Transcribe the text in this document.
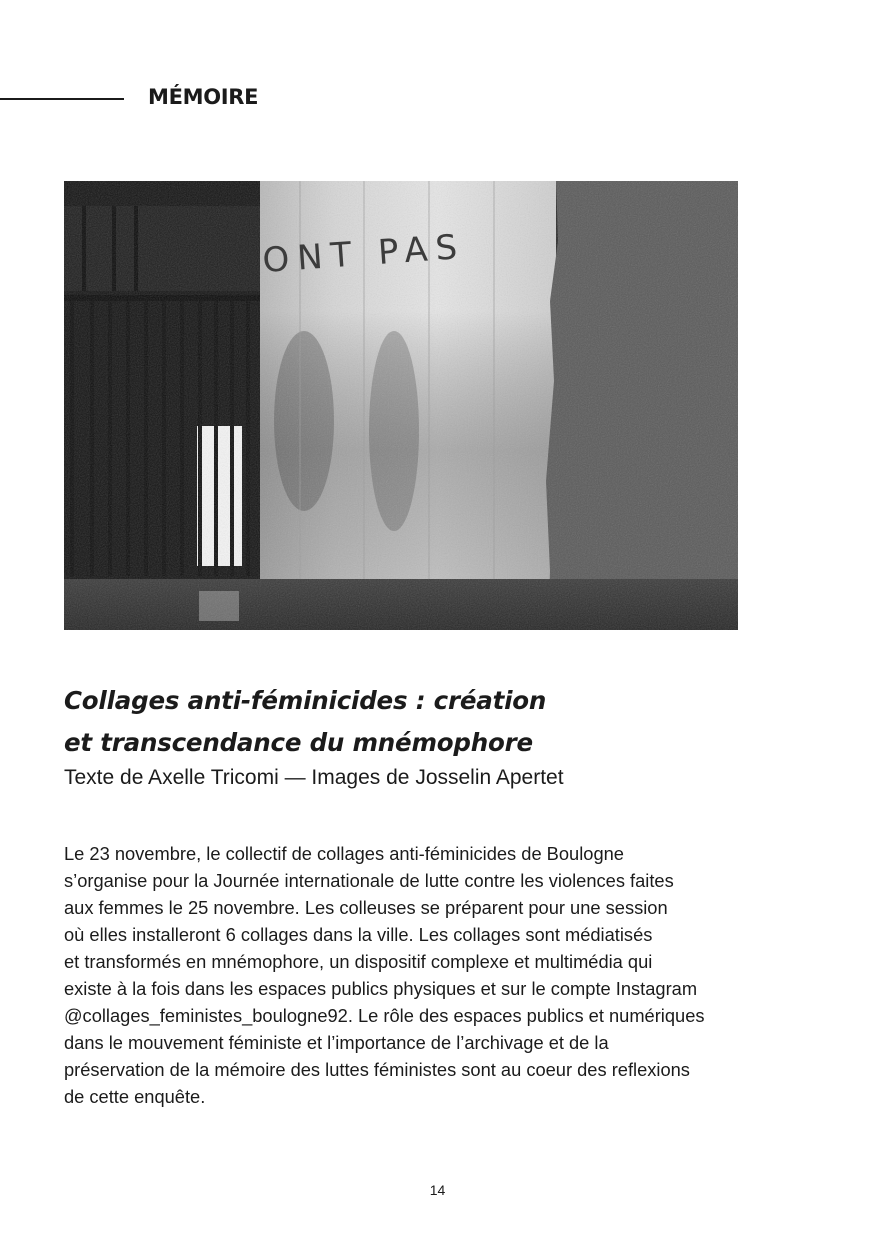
MÉMOIRE
ONT PAS
Collages anti-féminicides : création
et transcendance du mnémophore

Texte de Axelle Tricomi — Images de Josselin Apertet

Le 23 novembre, le collectif de collages anti-féminicides de Boulogne
s’organise pour la Journée internationale de lutte contre les violences faites
aux femmes le 25 novembre. Les colleuses se préparent pour une session
où elles installeront 6 collages dans la ville. Les collages sont médiatisés
et transformés en mnémophore, un dispositif complexe et multimédia qui
existe à la fois dans les espaces publics physiques et sur le compte Instagram
@collages_feministes_boulogne92. Le rôle des espaces publics et numériques
dans le mouvement féministe et l’importance de l’archivage et de la
préservation de la mémoire des luttes féministes sont au coeur des reflexions
de cette enquête.

14
